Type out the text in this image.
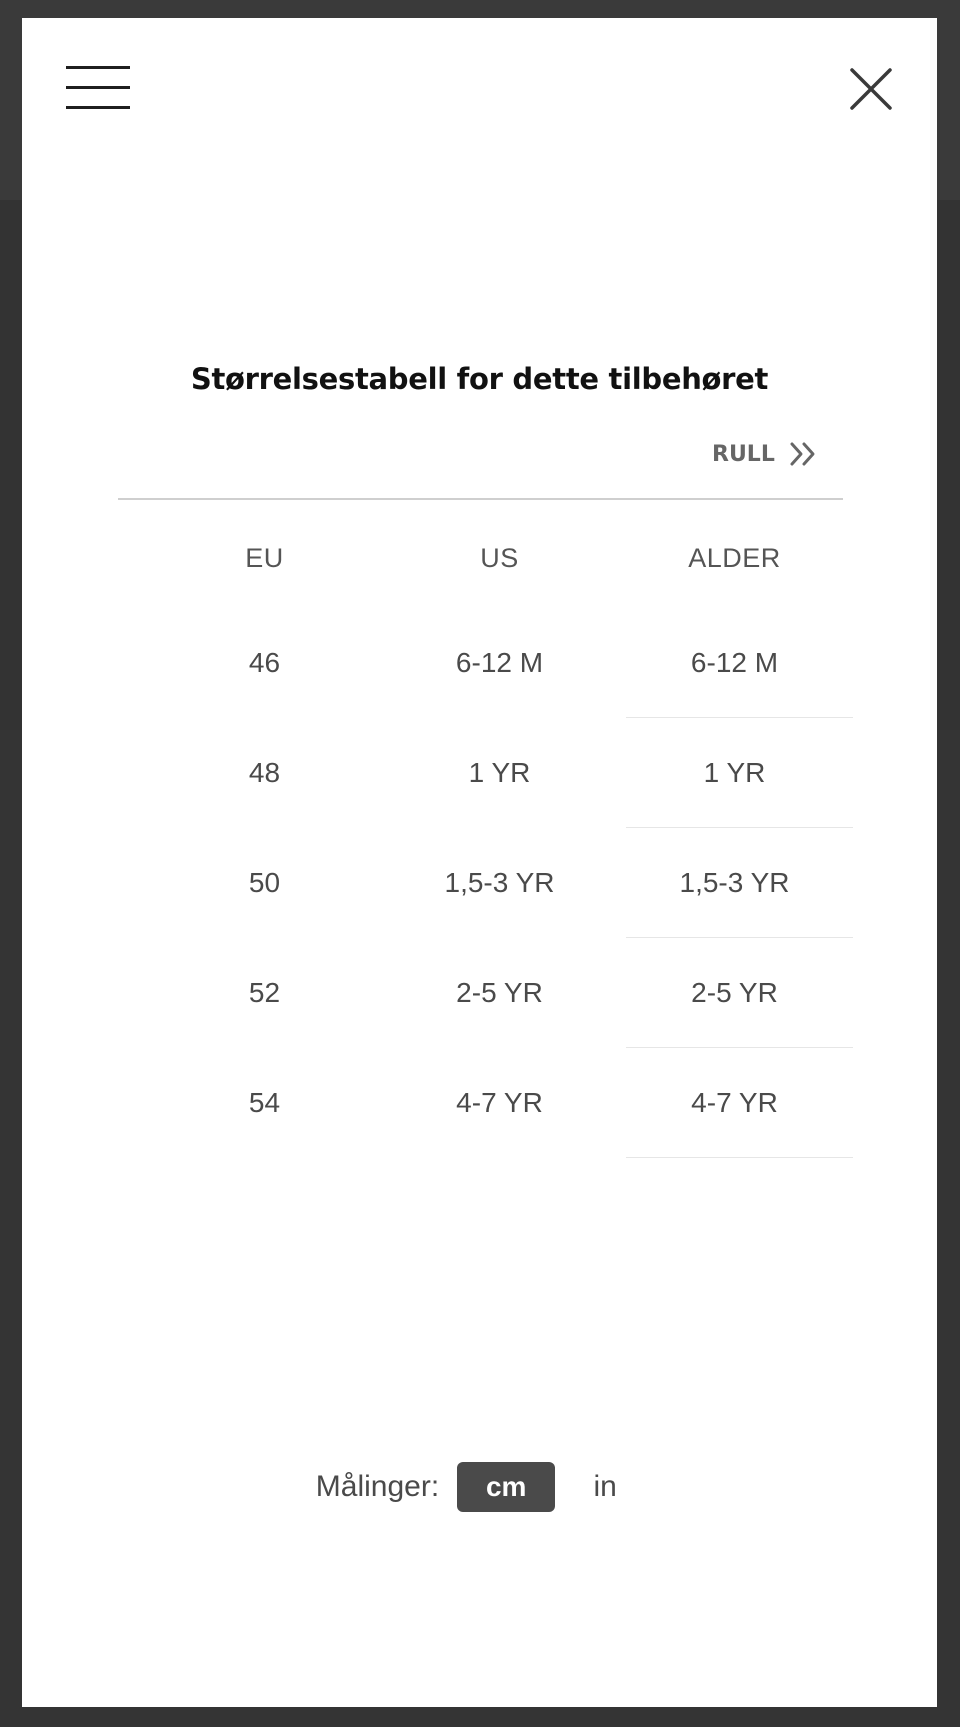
Størrelsestabell for dette tilbehøret
RULL
EU	US	ALDER
46	6-12 M	6-12 M
48	1 YR	1 YR
50	1,5-3 YR	1,5-3 YR
52	2-5 YR	2-5 YR
54	4-7 YR	4-7 YR
Målinger:	cm	in
